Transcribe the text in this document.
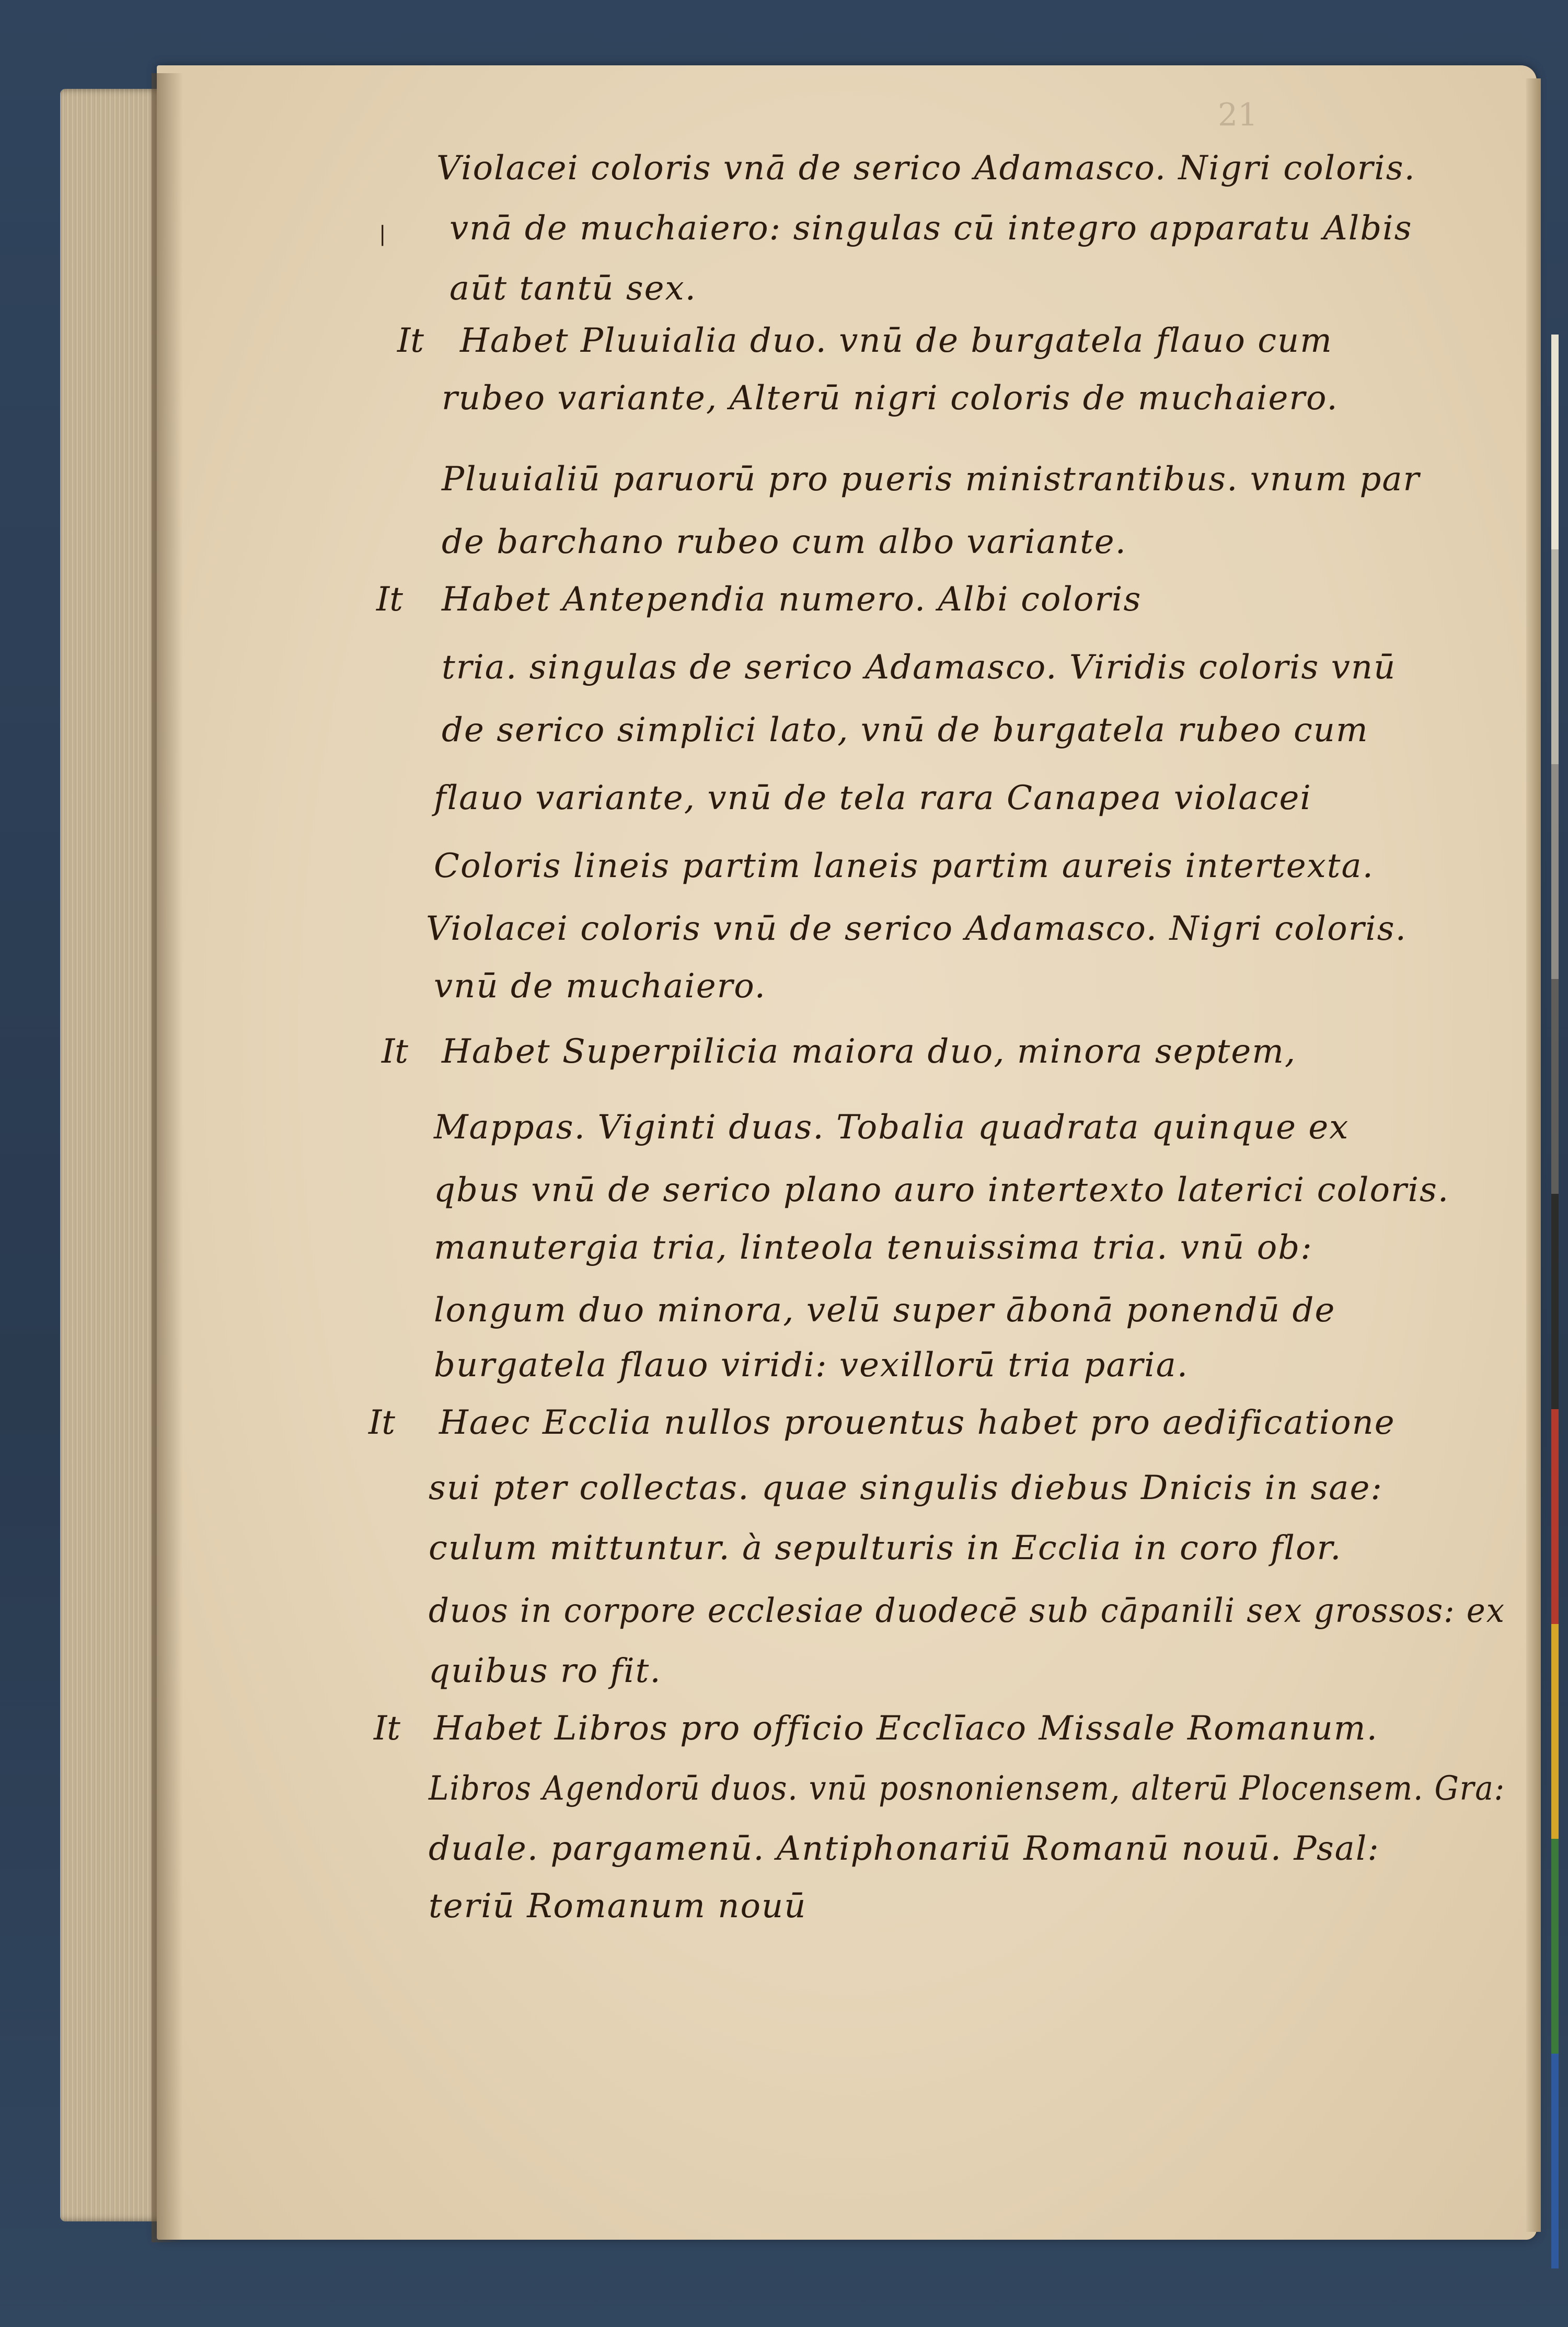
21
|
It
It
It
It
It

Violacei coloris vnā de serico Adamasco. Nigri coloris.

vnā de muchaiero: singulas cū integro apparatu Albis

aūt tantū sex.

Habet Pluuialia duo. vnū de burgatela flauo cum

rubeo variante, Alterū nigri coloris de muchaiero.

Pluuialiū paruorū pro pueris ministrantibus. vnum par

de barchano rubeo cum albo variante.

Habet Antependia numero. Albi coloris

tria. singulas de serico Adamasco. Viridis coloris vnū

de serico simplici lato, vnū de burgatela rubeo cum

flauo variante, vnū de tela rara Canapea violacei

Coloris lineis partim laneis partim aureis intertexta.

Violacei coloris vnū de serico Adamasco. Nigri coloris.

vnū de muchaiero.

Habet Superpilicia maiora duo, minora septem,

Mappas. Viginti duas. Tobalia quadrata quinque ex

qbus vnū de serico plano auro intertexto laterici coloris.

manutergia tria, linteola tenuissima tria. vnū ob:

longum duo minora, velū super ābonā ponendū de

burgatela flauo viridi: vexillorū tria paria.

Haec Ecclia nullos prouentus habet pro aedificatione

sui pter collectas. quae singulis diebus Dnicis in sae:

culum mittuntur. à sepulturis in Ecclia in coro flor.

duos in corpore ecclesiae duodecē sub cāpanili sex grossos: ex

quibus ro fit.

Habet Libros pro officio Ecclīaco Missale Romanum.

Libros Agendorū duos. vnū posnoniensem, alterū Plocensem. Gra:

duale. pargamenū. Antiphonariū Romanū nouū. Psal:

teriū Romanum nouū
